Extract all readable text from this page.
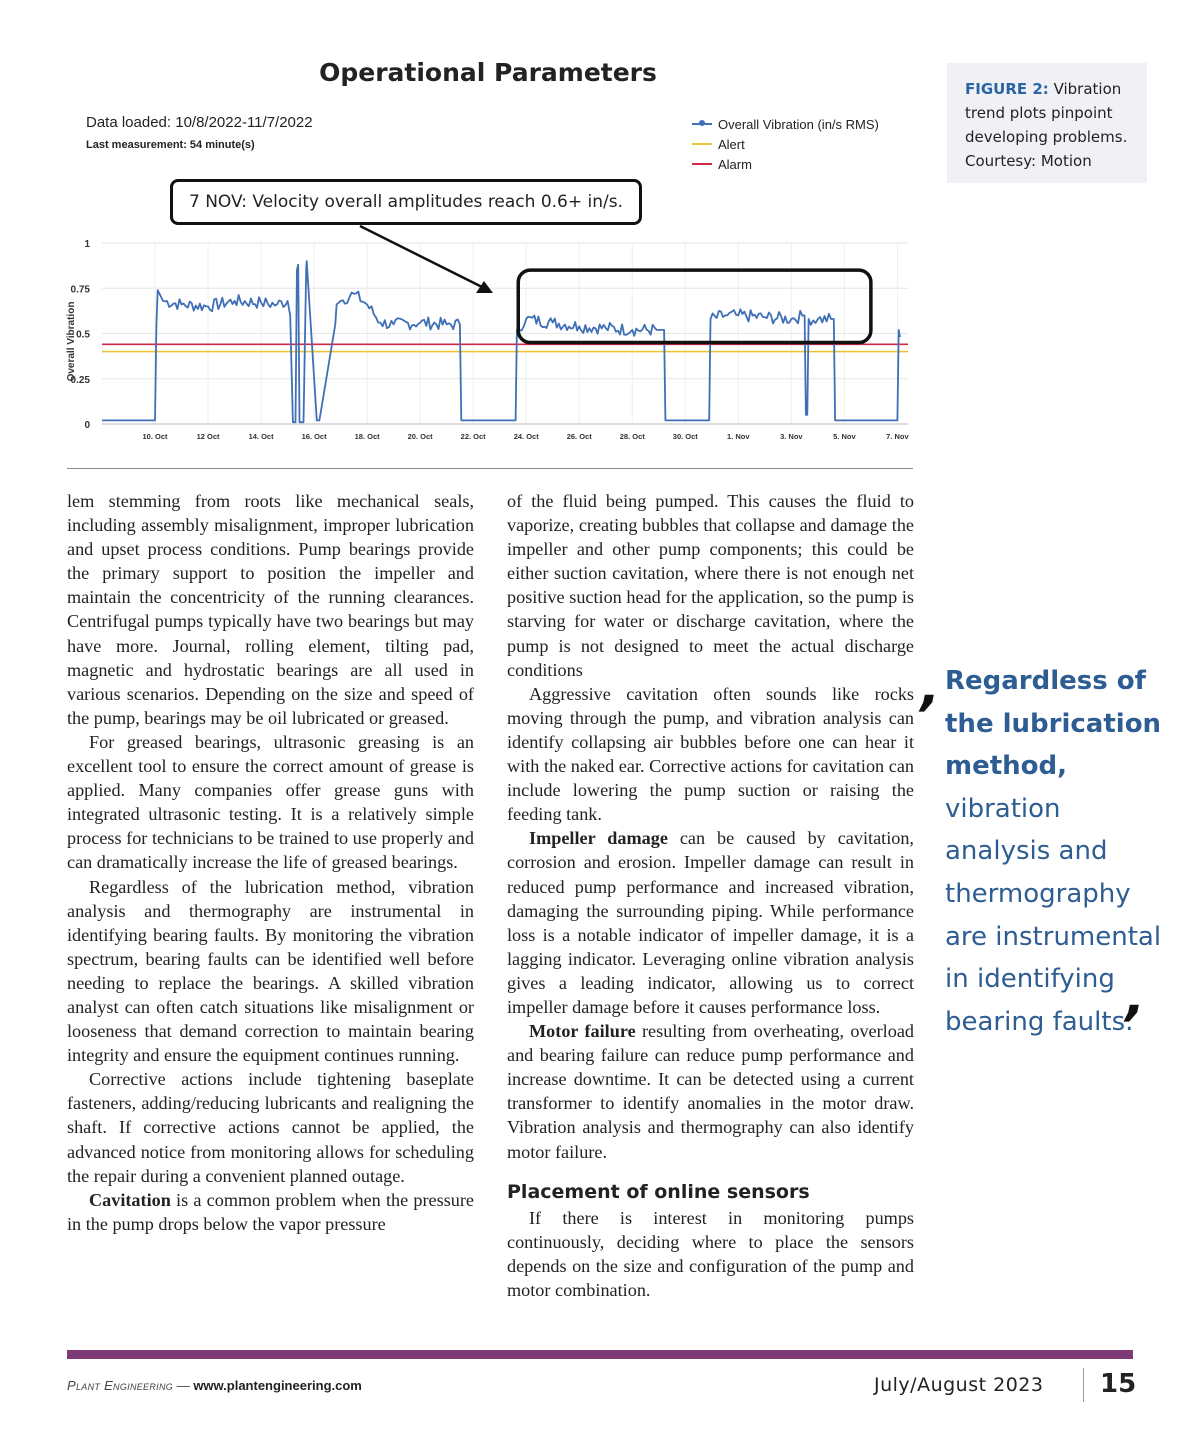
0
0.25
0.5
0.75
1
10. Oct	12 Oct	14. Oct	16. Oct	18. Oct	20. Oct	22. Oct	24. Oct	26. Oct	28. Oct	30. Oct	1. Nov	3. Nov	5. Nov	7. Nov
Overall Vibration
Operational Parameters
Data loaded: 10/8/2022-11/7/2022
Last measurement: 54 minute(s)
Overall Vibration (in/s RMS)
Alert
Alarm
7 NOV: Velocity overall amplitudes reach 0.6+ in/s.

FIGURE 2: Vibration trend plots pinpoint developing problems. Courtesy: Motion

lem stemming from roots like mechanical seals, including assembly misalignment, improper lubrication and upset process conditions. Pump bearings provide the primary support to position the impeller and maintain the concentricity of the running clearances. Centrifugal pumps typically have two bearings but may have more. Journal, rolling element, tilting pad, magnetic and hydrostatic bearings are all used in various scenarios. Depending on the size and speed of the pump, bearings may be oil lubricated or greased.

For greased bearings, ultrasonic greasing is an excellent tool to ensure the correct amount of grease is applied. Many companies offer grease guns with integrated ultrasonic testing. It is a relatively simple process for technicians to be trained to use properly and can dramatically increase the life of greased bearings.

Regardless of the lubrication method, vibration analysis and thermography are instrumental in identifying bearing faults. By monitoring the vibration spectrum, bearing faults can be identified well before needing to replace the bearings. A skilled vibration analyst can often catch situations like misalignment or looseness that demand correction to maintain bearing integrity and ensure the equipment continues running.

Corrective actions include tightening baseplate fasteners, adding/reducing lubricants and realigning the shaft. If corrective actions cannot be applied, the advanced notice from monitoring allows for scheduling the repair during a convenient planned outage.

Cavitation is a common problem when the pressure in the pump drops below the vapor pressure

of the fluid being pumped. This causes the fluid to vaporize, creating bubbles that collapse and damage the impeller and other pump components; this could be either suction cavitation, where there is not enough net positive suction head for the application, so the pump is starving for water or discharge cavitation, where the pump is not designed to meet the actual discharge conditions

Aggressive cavitation often sounds like rocks moving through the pump, and vibration analysis can identify collapsing air bubbles before one can hear it with the naked ear. Corrective actions for cavitation can include lowering the pump suction or raising the feeding tank.

Impeller damage can be caused by cavitation, corrosion and erosion. Impeller damage can result in reduced pump performance and increased vibration, damaging the surrounding piping. While performance loss is a notable indicator of impeller damage, it is a lagging indicator. Leveraging online vibration analysis gives a leading indicator, allowing us to correct impeller damage before it causes performance loss.

Motor failure resulting from overheating, overload and bearing failure can reduce pump performance and increase downtime. It can be detected using a current transformer to identify anomalies in the motor draw. Vibration analysis and thermography can also identify motor failure.

Placement of online sensors

If there is interest in monitoring pumps continuously, deciding where to place the sensors depends on the size and configuration of the pump and motor combination.

‚
Regardless of the lubrication method, vibration analysis and thermography are instrumental in identifying bearing faults.
‚
Plant Engineering — www.plantengineering.com	July/August 2023 15
